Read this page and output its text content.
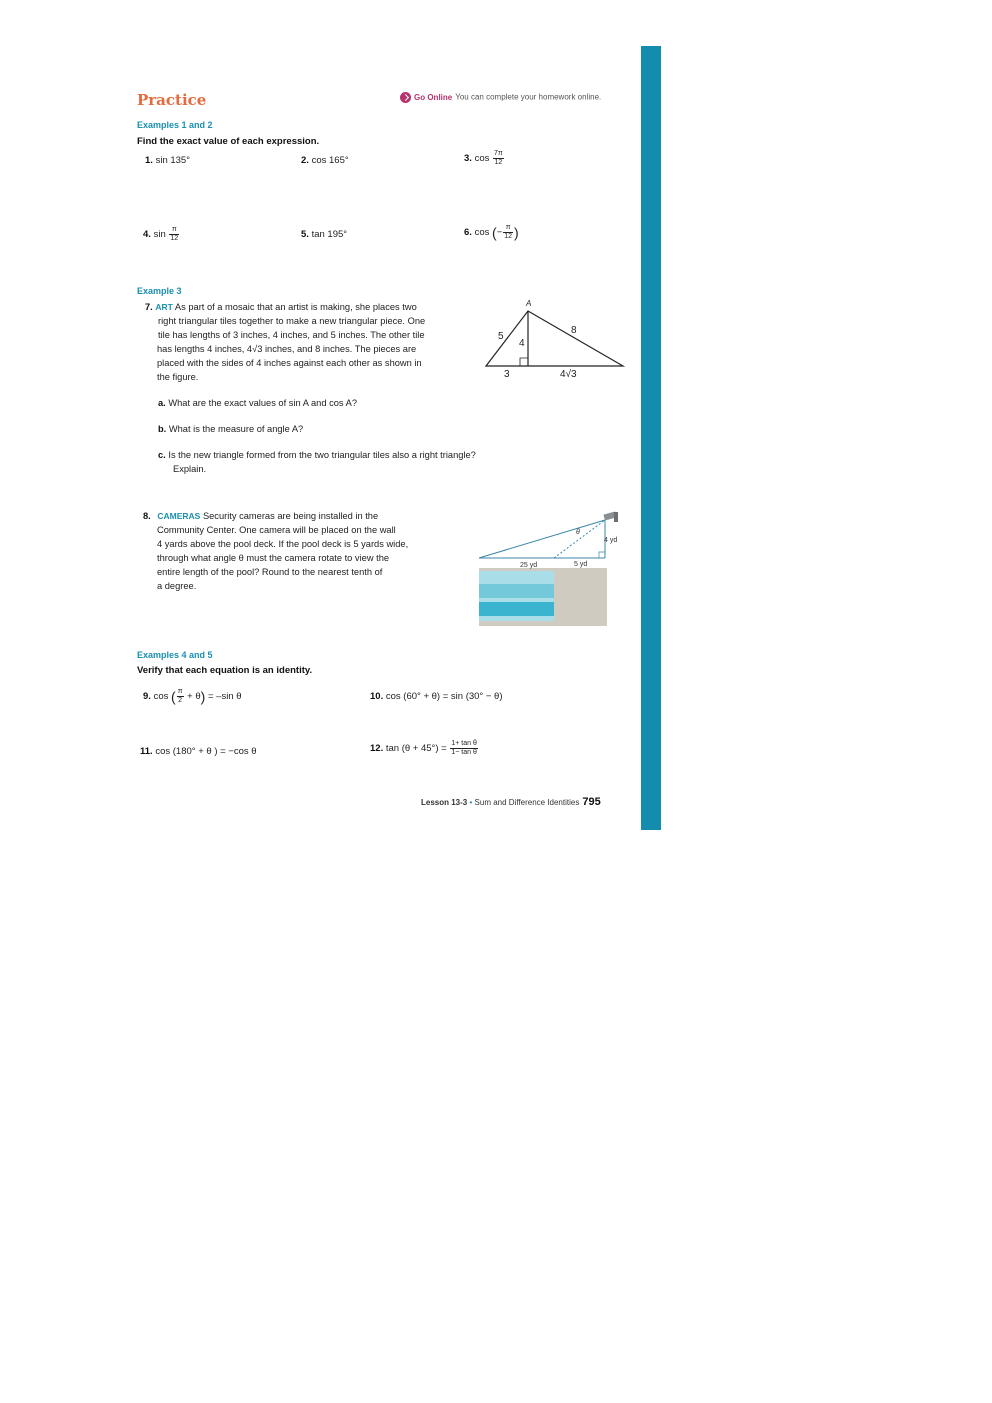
Practice	Go Online You can complete your homework online.
Examples 1 and 2
Find the exact value of each expression.
1. sin 135°	2. cos 165°	3. $\cos \frac{7\pi}{12}$
4. $\sin \frac{\pi}{12}$	5. tan 195°	6. cos (− $\frac{\pi}{12}$ )
Example 3
7. ART As part of a mosaic that an artist is making, she places two
right triangular tiles together to make a new triangular piece. One
tile has lengths of 3 inches, 4 inches, and 5 inches. The other tile
has lengths 4 inches, 4√3 inches, and 8 inches. The pieces are
placed with the sides of 4 inches against each other as shown in
the figure.
A
5
8
4
3	4√3
a. What are the exact values of sin A and cos A?
b. What is the measure of angle A?
c. Is the new triangle formed from the two triangular tiles also a right triangle?
Explain.
8. CAMERAS Security cameras are being installed in the
Community Center. One camera will be placed on the wall
4 yards above the pool deck. If the pool deck is 5 yards wide,
through what angle θ must the camera rotate to view the
entire length of the pool? Round to the nearest tenth of
a degree.
θ
4 yd
25 yd	5 yd
Examples 4 and 5
Verify that each equation is an identity.
9. cos ( $\frac{\pi}{2} + \theta) = -\sin$ θ	10. cos (60° + θ) = sin (30° − θ)
11. cos (180° + θ ) = −cos θ	12. $\tan (\theta + 45^\circ) = \frac{\text{1+ tan θ}}{\text{1− tan θ}}$
Lesson 13-3 • Sum and Difference Identities 795
